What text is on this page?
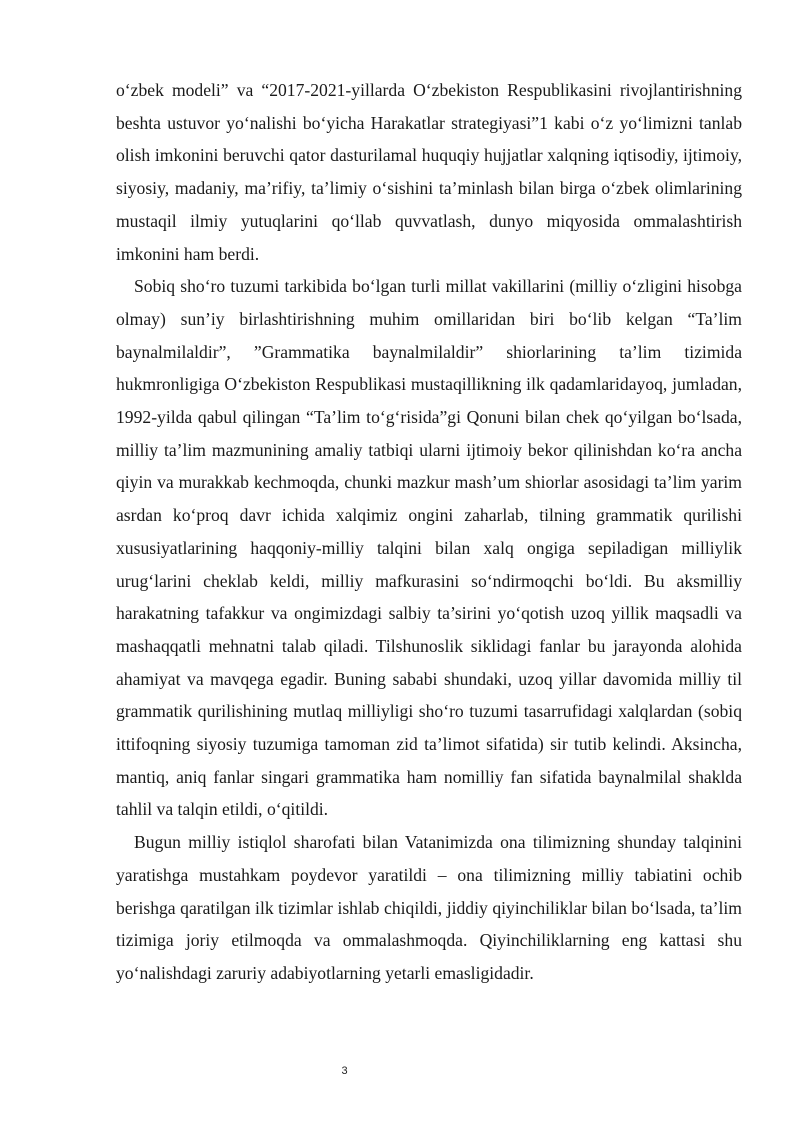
o‘zbek modeli” va “2017-2021-yillarda O‘zbekiston Respublikasini rivojlantirishning beshta ustuvor yo‘nalishi bo‘yicha Harakatlar strategiyasi”1 kabi o‘z yo‘limizni tanlab olish imkonini beruvchi qator dasturilamal huquqiy hujjatlar xalqning iqtisodiy, ijtimoiy, siyosiy, madaniy, ma’rifiy, ta’limiy o‘sishini ta’minlash bilan birga o‘zbek olimlarining mustaqil ilmiy yutuqlarini qo‘llab quvvatlash, dunyo miqyosida ommalashtirish imkonini ham berdi.

Sobiq sho‘ro tuzumi tarkibida bo‘lgan turli millat vakillarini (milliy o‘zligini hisobga olmay) sun’iy birlashtirishning muhim omillaridan biri bo‘lib kelgan “Ta’lim baynalmilaldir”, ”Grammatika baynalmilaldir” shiorlarining ta’lim tizimida hukmronligiga O‘zbekiston Respublikasi mustaqillikning ilk qadamlaridayoq, jumladan, 1992-yilda qabul qilingan “Ta’lim to‘g‘risida”gi Qonuni bilan chek qo‘yilgan bo‘lsada, milliy ta’lim mazmunining amaliy tatbiqi ularni ijtimoiy bekor qilinishdan ko‘ra ancha qiyin va murakkab kechmoqda, chunki mazkur mash’um shiorlar asosidagi ta’lim yarim asrdan ko‘proq davr ichida xalqimiz ongini zaharlab, tilning grammatik qurilishi xususiyatlarining haqqoniy-milliy talqini bilan xalq ongiga sepiladigan milliylik urug‘larini cheklab keldi, milliy mafkurasini so‘ndirmoqchi bo‘ldi. Bu aksmilliy harakatning tafakkur va ongimizdagi salbiy ta’sirini yo‘qotish uzoq yillik maqsadli va mashaqqatli mehnatni talab qiladi. Tilshunoslik siklidagi fanlar bu jarayonda alohida ahamiyat va mavqega egadir. Buning sababi shundaki, uzoq yillar davomida milliy til grammatik qurilishining mutlaq milliyligi sho‘ro tuzumi tasarrufidagi xalqlardan (sobiq ittifoqning siyosiy tuzumiga tamoman zid ta’limot sifatida) sir tutib kelindi. Aksincha, mantiq, aniq fanlar singari grammatika ham nomilliy fan sifatida baynalmilal shaklda tahlil va talqin etildi, o‘qitildi.

Bugun milliy istiqlol sharofati bilan Vatanimizda ona tilimizning shunday talqinini yaratishga mustahkam poydevor yaratildi – ona tilimizning milliy tabiatini ochib berishga qaratilgan ilk tizimlar ishlab chiqildi, jiddiy qiyinchiliklar bilan bo‘lsada, ta’lim tizimiga joriy etilmoqda va ommalashmoqda. Qiyinchiliklarning eng kattasi shu yo‘nalishdagi zaruriy adabiyotlarning yetarli emasligidadir.

3
